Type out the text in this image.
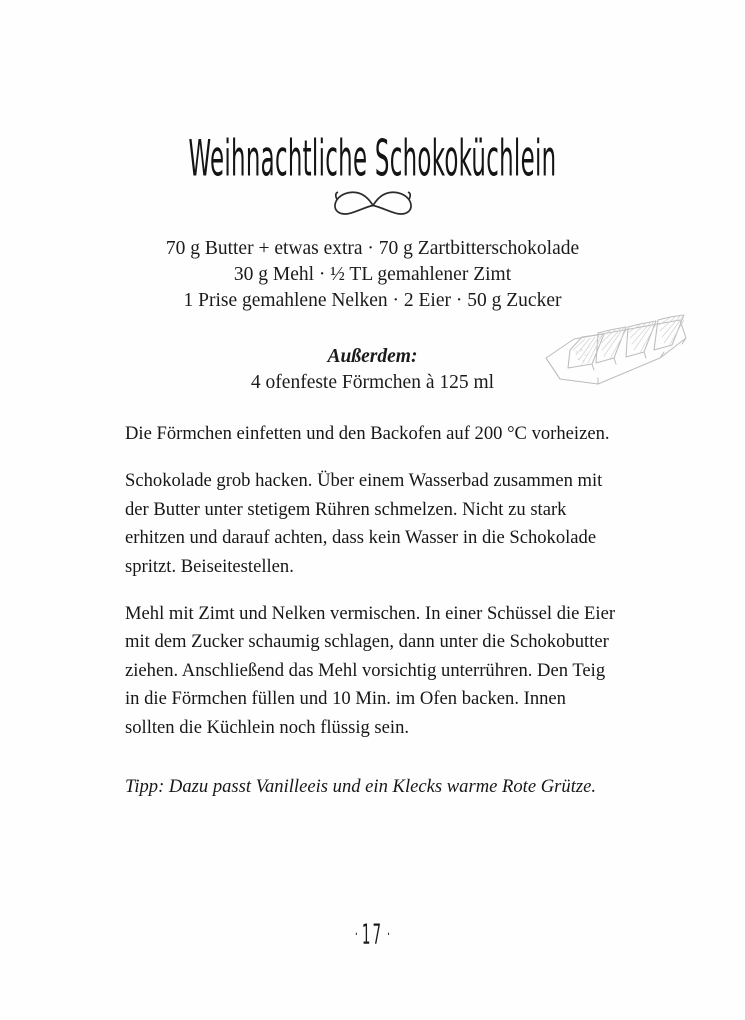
Weihnachtliche Schokoküchlein
70 g Butter + etwas extra · 70 g Zartbitterschokolade
30 g Mehl · ½ TL gemahlener Zimt
1 Prise gemahlene Nelken · 2 Eier · 50 g Zucker
Außerdem:
4 ofenfeste Förmchen à 125 ml

Die Förmchen einfetten und den Backofen auf 200 °C vorheizen.

Schokolade grob hacken. Über einem Wasserbad zusammen mit der Butter unter stetigem Rühren schmelzen. Nicht zu stark erhitzen und darauf achten, dass kein Wasser in die Schokolade spritzt. Beiseitestellen.

Mehl mit Zimt und Nelken vermischen. In einer Schüssel die Eier mit dem Zucker schaumig schlagen, dann unter die Schokobutter ziehen. Anschließend das Mehl vorsichtig unterrühren. Den Teig in die Förmchen füllen und 10 Min. im Ofen backen. Innen sollten die Küchlein noch flüssig sein.

Tipp: Dazu passt Vanilleeis und ein Klecks warme Rote Grütze.

· 17 ·
